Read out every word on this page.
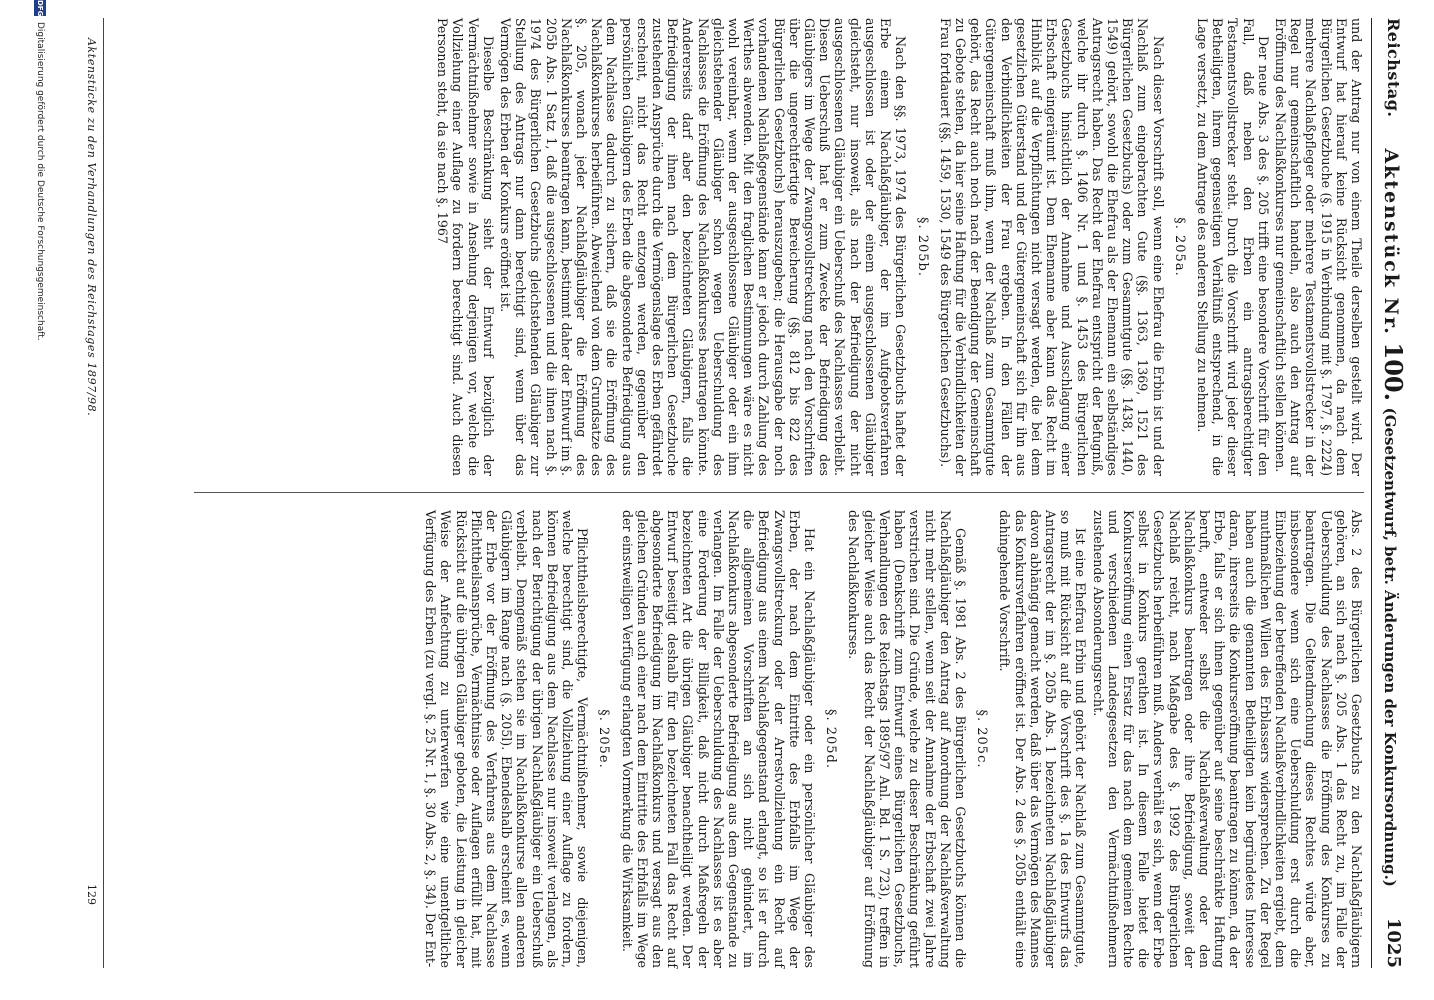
Reichstag.
Aktenstück Nr. 100. (Gesetzentwurf, betr. Änderungen der Konkursordnung.)
1025

und der Antrag nur von einem Theile derselben gestellt wird. Der Entwurf hat hierauf keine Rücksicht genommen, da nach dem Bürgerlichen Gesetzbuche (§. 1915 in Verbindung mit §. 1797, §. 2224) mehrere Nachlaßpfleger oder mehrere Testamentsvollstrecker in der Regel nur gemeinschaftlich handeln, also auch den Antrag auf Eröffnung des Nachlaßkonkurses nur gemeinschaftlich stellen können.

Der neue Abs. 3 des §. 205 trifft eine besondere Vorschrift für den Fall, daß neben den Erben ein antragsberechtigter Testamentsvollstrecker steht. Durch die Vorschrift wird jeder dieser Betheiligten, ihrem gegenseitigen Verhältniß entsprechend, in die Lage versetzt, zu dem Antrage des anderen Stellung zu nehmen.

§. 205a.

Nach dieser Vorschrift soll, wenn eine Ehefrau die Erbin ist und der Nachlaß zum eingebrachten Gute (§§. 1363, 1369, 1521 des Bürgerlichen Gesetzbuchs) oder zum Gesammtgute (§§. 1438, 1440, 1549) gehört, sowohl die Ehefrau als der Ehemann ein selbständiges Antragsrecht haben. Das Recht der Ehefrau entspricht der Befugniß, welche ihr durch §. 1406 Nr. 1 und §. 1453 des Bürgerlichen Gesetzbuchs hinsichtlich der Annahme und Ausschlagung einer Erbschaft eingeräumt ist. Dem Ehemanne aber kann das Recht im Hinblick auf die Verpflichtungen nicht versagt werden, die bei dem gesetzlichen Güterstand und der Gütergemeinschaft sich für ihn aus den Verbindlichkeiten der Frau ergeben. In den Fällen der Gütergemeinschaft muß ihm, wenn der Nachlaß zum Gesammtgute gehört, das Recht auch noch nach der Beendigung der Gemeinschaft zu Gebote stehen, da hier seine Haftung für die Verbindlichkeiten der Frau fortdauert (§§. 1459, 1530, 1549 des Bürgerlichen Gesetzbuchs).

§. 205b.

Nach den §§. 1973, 1974 des Bürgerlichen Gesetzbuchs haftet der Erbe einem Nachlaßgläubiger, der im Aufgebotsverfahren ausgeschlossen ist oder der einem ausgeschlossenen Gläubiger gleichsteht, nur insoweit, als nach der Befriedigung der nicht ausgeschlossenen Gläubiger ein Ueberschuß des Nachlasses verbleibt. Diesen Ueberschuß hat er zum Zwecke der Befriedigung des Gläubigers im Wege der Zwangsvollstreckung nach den Vorschriften über die ungerechtfertigte Bereicherung (§§. 812 bis 822 des Bürgerlichen Gesetzbuchs) herauszugeben; die Herausgabe der noch vorhandenen Nachlaßgegenstände kann er jedoch durch Zahlung des Werthes abwenden. Mit den fraglichen Bestimmungen wäre es nicht wohl vereinbar, wenn der ausgeschlossene Gläubiger oder ein ihm gleichstehender Gläubiger schon wegen Ueberschuldung des Nachlasses die Eröffnung des Nachlaßkonkurses beantragen könnte. Andererseits darf aber den bezeichneten Gläubigern, falls die Befriedigung der ihnen nach dem Bürgerlichen Gesetzbuche zustehenden Ansprüche durch die Vermögenslage des Erben gefährdet erscheint, nicht das Recht entzogen werden, gegenüber den persönlichen Gläubigern des Erben die abgesonderte Befriedigung aus dem Nachlasse dadurch zu sichern, daß sie die Eröffnung des Nachlaßkonkurses herbeiführen. Abweichend von dem Grundsatze des §. 205, wonach jeder Nachlaßgläubiger die Eröffnung des Nachlaßkonkurses beantragen kann, bestimmt daher der Entwurf im §. 205b Abs. 1 Satz 1, daß die ausgeschlossenen und die ihnen nach §. 1974 des Bürgerlichen Gesetzbuchs gleichstehenden Gläubiger zur Stellung des Antrags nur dann berechtigt sind, wenn über das Vermögen des Erben der Konkurs eröffnet ist.

Dieselbe Beschränkung sieht der Entwurf bezüglich der Vermächtnißnehmer sowie in Ansehung derjenigen vor, welche die Vollziehung einer Auflage zu fordern berechtigt sind. Auch diesen Personen steht, da sie nach §. 1967

Abs. 2 des Bürgerlichen Gesetzbuchs zu den Nachlaßgläubigern gehören, an sich nach §. 205 Abs. 1 das Recht zu, im Falle der Ueberschuldung des Nachlasses die Eröffnung des Konkurses zu beantragen. Die Geltendmachung dieses Rechtes würde aber, insbesondere wenn sich eine Ueberschuldung erst durch die Einbeziehung der betreffenden Nachlaßverbindlichkeiten ergiebt, dem muthmaßlichen Willen des Erblassers widersprechen. Zu der Regel haben auch die genannten Betheiligten kein begründetes Interesse daran, ihrerseits die Konkurseröffnung beantragen zu können, da der Erbe, falls er sich ihnen gegenüber auf seine beschränkte Haftung beruft, entweder selbst die Nachlaßverwaltung oder den Nachlaßkonkurs beantragen oder ihre Befriedigung, soweit der Nachlaß reicht, nach Maßgabe des §. 1992 des Bürgerlichen Gesetzbuchs herbeiführen muß. Anders verhält es sich, wenn der Erbe selbst in Konkurs gerathen ist. In diesem Falle bietet die Konkurseröffnung einen Ersatz für das nach dem gemeinen Rechte und verschiedenen Landesgesetzen den Vermächtnißnehmern zustehende Absonderungsrecht.

Ist eine Ehefrau Erbin und gehört der Nachlaß zum Gesammtgute, so muß mit Rücksicht auf die Vorschrift des §. 1a des Entwurfs das Antragsrecht der im §. 205b Abs. 1 bezeichneten Nachlaßgläubiger davon abhängig gemacht werden, daß über das Vermögen des Mannes das Konkursverfahren eröffnet ist. Der Abs. 2 des §. 205b enthält eine dahingehende Vorschrift.

§. 205c.

Gemäß §. 1981 Abs. 2 des Bürgerlichen Gesetzbuchs können die Nachlaßgläubiger den Antrag auf Anordnung der Nachlaßverwaltung nicht mehr stellen, wenn seit der Annahme der Erbschaft zwei Jahre verstrichen sind. Die Gründe, welche zu dieser Beschränkung geführt haben (Denkschrift zum Entwurf eines Bürgerlichen Gesetzbuchs, Verhandlungen des Reichstags 1895/97 Anl. Bd. 1 S. 723), treffen in gleicher Weise auch das Recht der Nachlaßgläubiger auf Eröffnung des Nachlaßkonkurses.

§. 205d.

Hat ein Nachlaßgläubiger oder ein persönlicher Gläubiger des Erben, der nach dem Eintritte des Erbfalls im Wege der Zwangsvollstreckung oder der Arrestvollziehung ein Recht auf Befriedigung aus einem Nachlaßgegenstand erlangt, so ist er durch die allgemeinen Vorschriften an sich nicht gehindert, im Nachlaßkonkurs abgesonderte Befriedigung aus dem Gegenstande zu verlangen. Im Falle der Ueberschuldung des Nachlasses ist es aber eine Forderung der Billigkeit, daß nicht durch Maßregeln der bezeichneten Art die übrigen Gläubiger benachtheiligt werden. Der Entwurf beseitigt deshalb für den bezeichneten Fall das Recht auf abgesonderte Befriedigung im Nachlaßkonkurs und versagt aus den gleichen Gründen auch einer nach dem Eintritte des Erbfalls im Wege der einstweiligen Verfügung erlangten Vormerkung die Wirksamkeit.

§. 205e.

Pflichttheilsberechtigte, Vermächtnißnehmer, sowie diejenigen, welche berechtigt sind, die Vollziehung einer Auflage zu fordern, können Befriedigung aus dem Nachlasse nur insoweit verlangen, als nach der Berichtigung der übrigen Nachlaßgläubiger ein Ueberschuß verbleibt. Demgemäß stehen sie im Nachlaßkonkurse allen anderen Gläubigern im Range nach (§. 205l). Ebendeshalb erscheint es, wenn der Erbe vor der Eröffnung des Verfahrens aus dem Nachlasse Pflichttheilsansprüche, Vermächtnisse oder Auflagen erfüllt hat, mit Rücksicht auf die übrigen Gläubiger geboten, die Leistung in gleicher Weise der Anfechtung zu unterwerfen wie eine unentgeltliche Verfügung des Erben (zu vergl. §. 25 Nr. 1, §. 30 Abs. 2, §. 34). Der Ent-

Aktenstücke zu den Verhandlungen des Reichstages 1897/98.
129
DFG
Digitalisierung gefördert durch die Deutsche Forschungsgemeinschaft.
